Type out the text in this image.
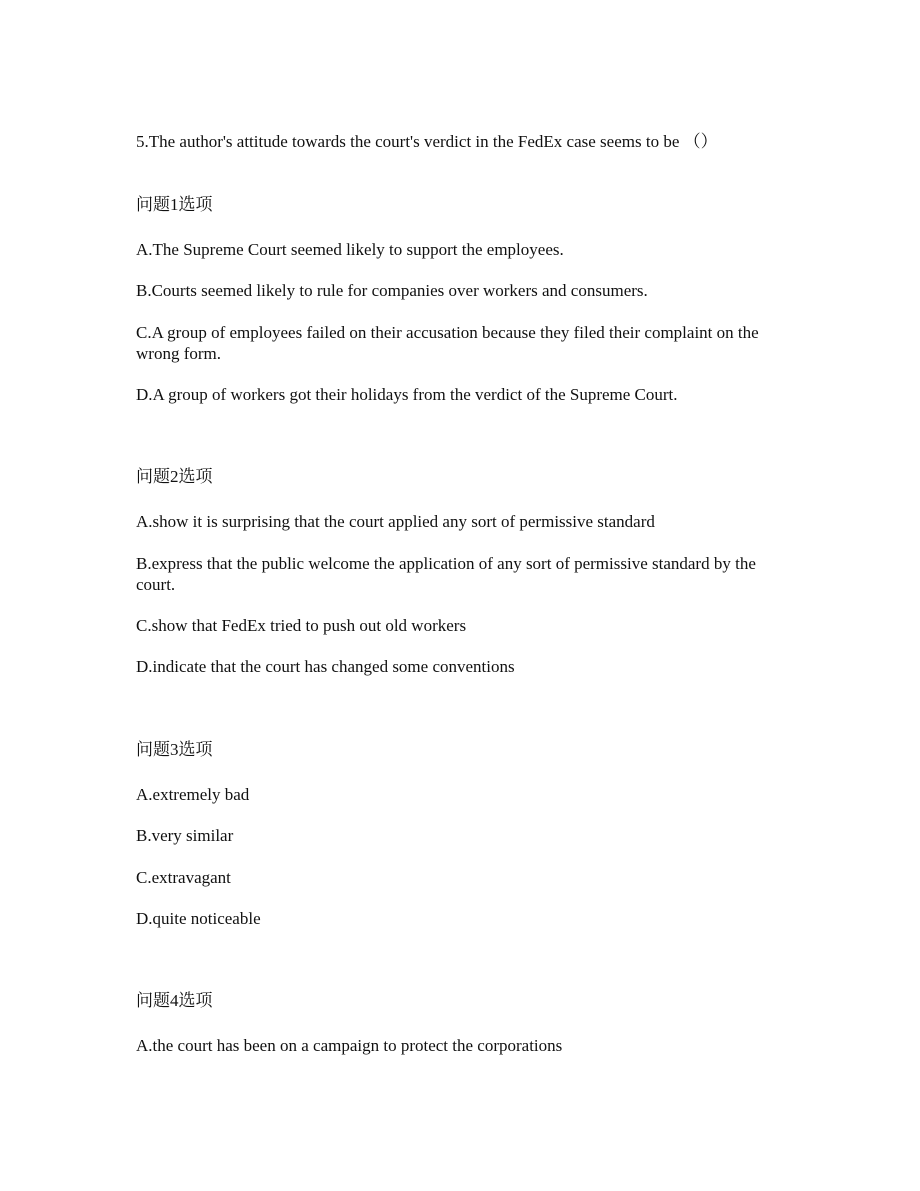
5.The author's attitude towards the court's verdict in the FedEx case seems to be （）
问题1选项
A.The Supreme Court seemed likely to support the employees.
B.Courts seemed likely to rule for companies over workers and consumers.
C.A group of employees failed on their accusation because they filed their complaint on the wrong form.
D.A group of workers got their holidays from the verdict of the Supreme Court.
问题2选项
A.show it is surprising that the court applied any sort of permissive standard
B.express that the public welcome the application of any sort of permissive standard by the court.
C.show that FedEx tried to push out old workers
D.indicate that the court has changed some conventions
问题3选项
A.extremely bad
B.very similar
C.extravagant
D.quite noticeable
问题4选项
A.the court has been on a campaign to protect the corporations
